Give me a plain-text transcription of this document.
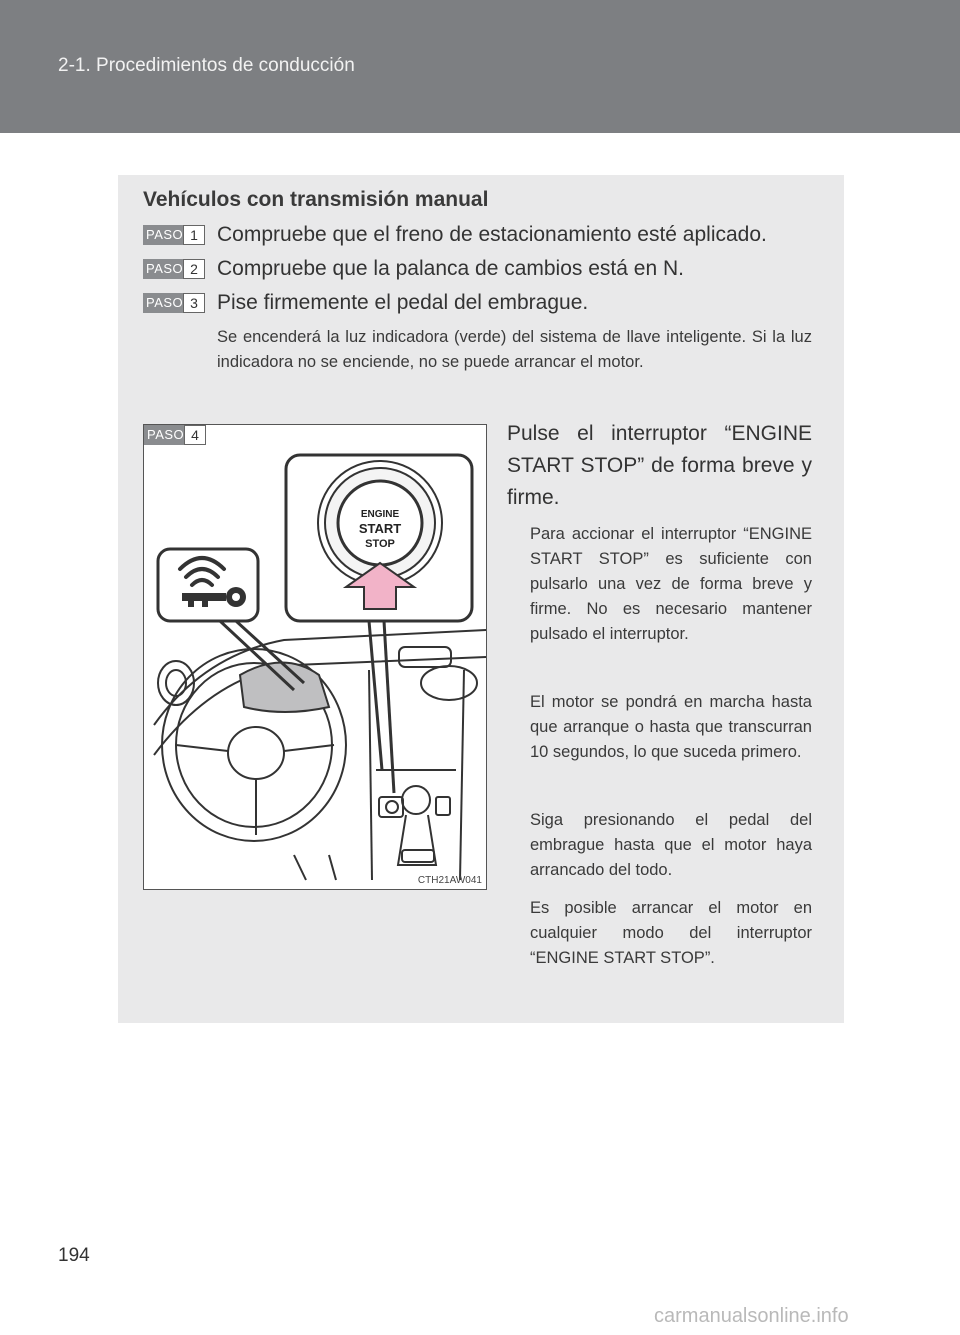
2-1. Procedimientos de conducción
Vehículos con transmisión manual
PASO 1 Compruebe que el freno de estacionamiento esté aplicado.
PASO 2 Compruebe que la palanca de cambios está en N.
PASO 3 Pise firmemente el pedal del embrague.
Se encenderá la luz indicadora (verde) del sistema de llave inteligente. Si la luz indicadora no se enciende, no se puede arrancar el motor.
PASO 4
ENGINE
START
STOP
CTH21AW041
Pulse el interruptor “ENGINE START STOP” de forma breve y firme.
Para accionar el interruptor “ENGINE START STOP” es suficiente con pulsarlo una vez de forma breve y firme. No es necesario mantener pulsado el interruptor.
El motor se pondrá en marcha hasta que arranque o hasta que transcurran 10 segundos, lo que suceda primero.
Siga presionando el pedal del embrague hasta que el motor haya arrancado del todo.
Es posible arrancar el motor en cualquier modo del interruptor “ENGINE START STOP”.
194
carmanualsonline.info
